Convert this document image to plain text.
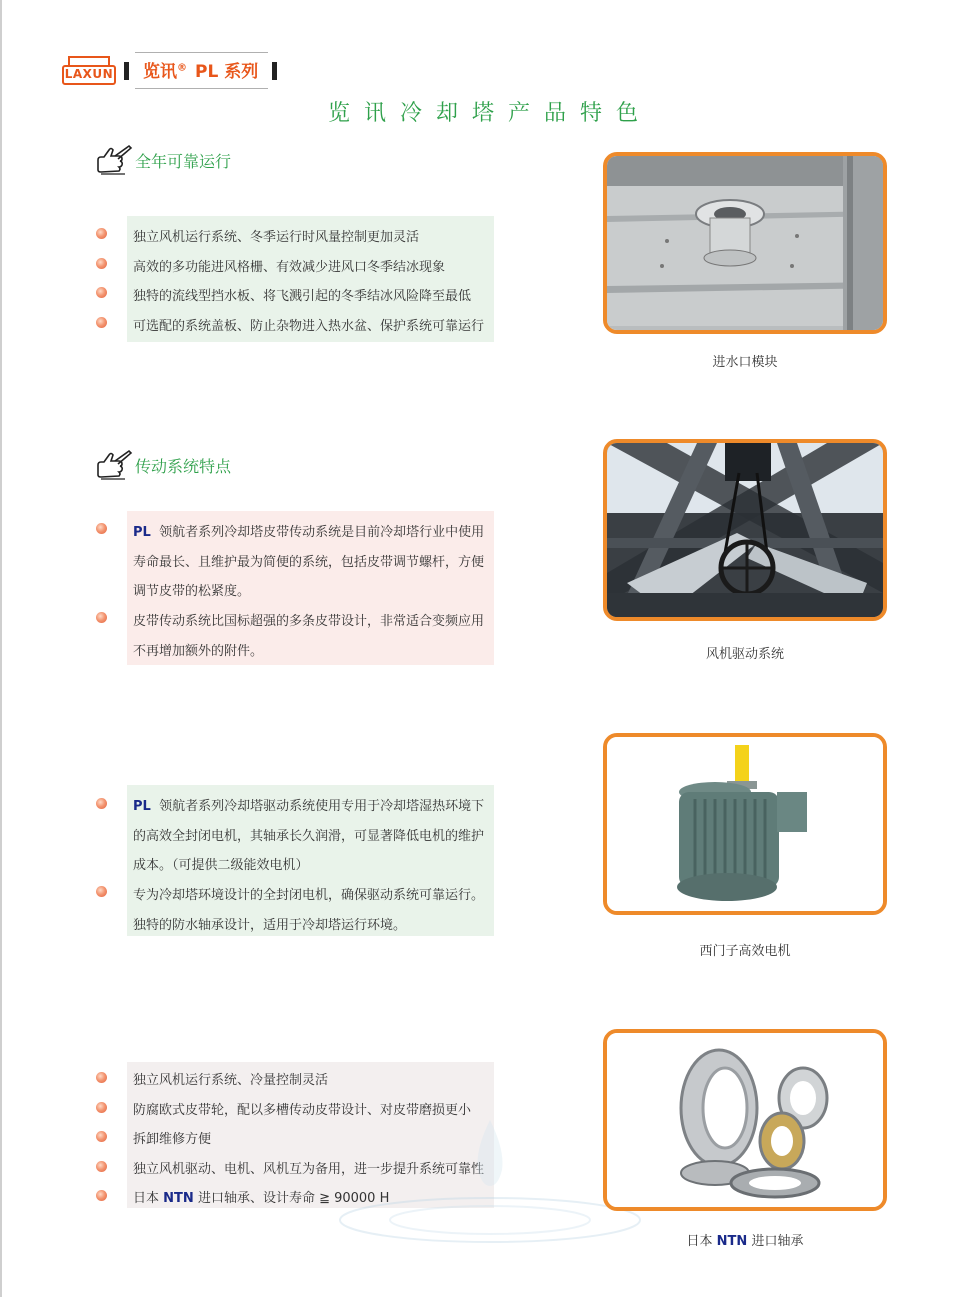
LAXUN	览讯® PL 系列
览讯冷却塔产品特色
全年可靠运行
独立风机运行系统、冬季运行时风量控制更加灵活
高效的多功能进风格栅、有效减少进风口冬季结冰现象
独特的流线型挡水板、将飞溅引起的冬季结冰风险降至最低
可选配的系统盖板、防止杂物进入热水盆、保护系统可靠运行
进水口模块
传动系统特点
PL 领航者系列冷却塔皮带传动系统是目前冷却塔行业中使用
寿命最长、且维护最为简便的系统，包括皮带调节螺杆，方便
调节皮带的松紧度。
皮带传动系统比国标超强的多条皮带设计，非常适合变频应用
不再增加额外的附件。	风机驱动系统
PL 领航者系列冷却塔驱动系统使用专用于冷却塔湿热环境下
的高效全封闭电机，其轴承长久润滑，可显著降低电机的维护
成本。（可提供二级能效电机）
专为冷却塔环境设计的全封闭电机，确保驱动系统可靠运行。
独特的防水轴承设计，适用于冷却塔运行环境。
西门子高效电机
独立风机运行系统、冷量控制灵活
防腐欧式皮带轮，配以多槽传动皮带设计、对皮带磨损更小
拆卸维修方便
独立风机驱动、电机、风机互为备用，进一步提升系统可靠性
日本 NTN 进口轴承、设计寿命 ≧ 90000 H
日本 NTN 进口轴承
